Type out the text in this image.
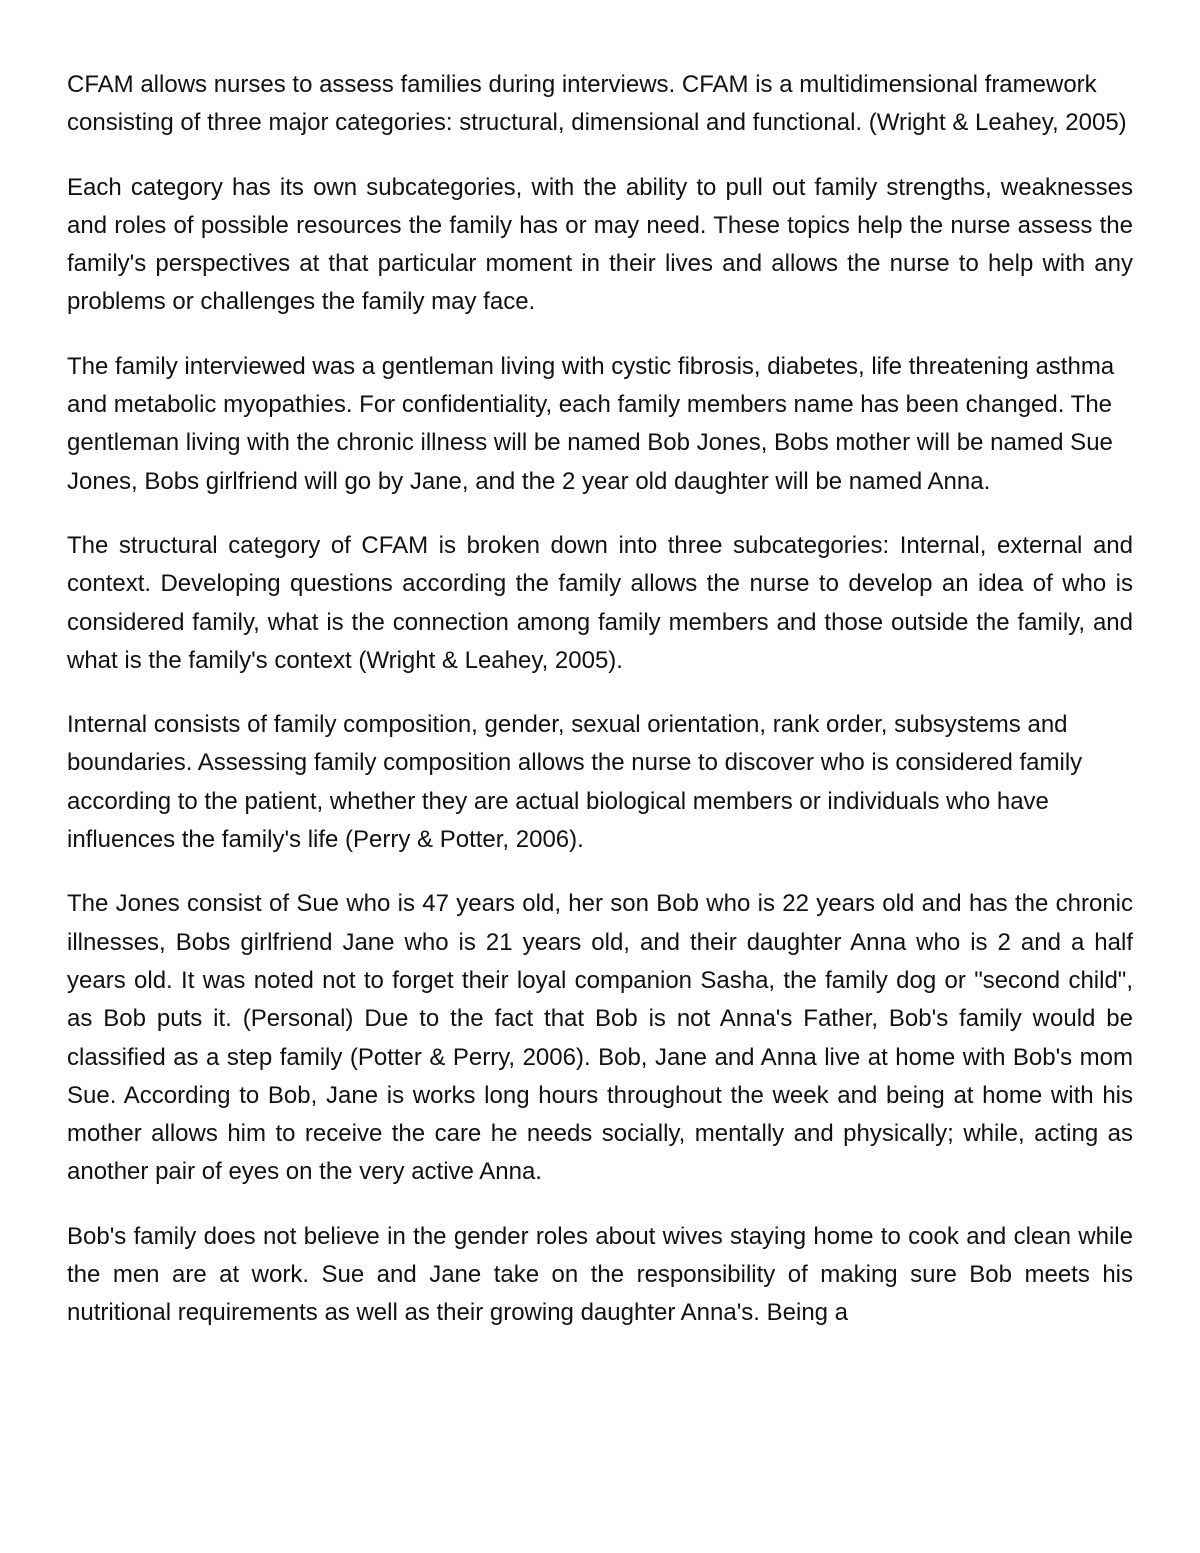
CFAM allows nurses to assess families during interviews. CFAM is a multidimensional framework consisting of three major categories: structural, dimensional and functional. (Wright & Leahey, 2005)

Each category has its own subcategories, with the ability to pull out family strengths, weaknesses and roles of possible resources the family has or may need. These topics help the nurse assess the family's perspectives at that particular moment in their lives and allows the nurse to help with any problems or challenges the family may face.

The family interviewed was a gentleman living with cystic fibrosis, diabetes, life threatening asthma and metabolic myopathies. For confidentiality, each family members name has been changed. The gentleman living with the chronic illness will be named Bob Jones, Bobs mother will be named Sue Jones, Bobs girlfriend will go by Jane, and the 2 year old daughter will be named Anna.

The structural category of CFAM is broken down into three subcategories: Internal, external and context. Developing questions according the family allows the nurse to develop an idea of who is considered family, what is the connection among family members and those outside the family, and what is the family's context (Wright & Leahey, 2005).

Internal consists of family composition, gender, sexual orientation, rank order, subsystems and boundaries. Assessing family composition allows the nurse to discover who is considered family according to the patient, whether they are actual biological members or individuals who have influences the family's life (Perry & Potter, 2006).

The Jones consist of Sue who is 47 years old, her son Bob who is 22 years old and has the chronic illnesses, Bobs girlfriend Jane who is 21 years old, and their daughter Anna who is 2 and a half years old. It was noted not to forget their loyal companion Sasha, the family dog or "second child", as Bob puts it. (Personal) Due to the fact that Bob is not Anna's Father, Bob's family would be classified as a step family (Potter & Perry, 2006). Bob, Jane and Anna live at home with Bob's mom Sue. According to Bob, Jane is works long hours throughout the week and being at home with his mother allows him to receive the care he needs socially, mentally and physically; while, acting as another pair of eyes on the very active Anna.

Bob's family does not believe in the gender roles about wives staying home to cook and clean while the men are at work. Sue and Jane take on the responsibility of making sure Bob meets his nutritional requirements as well as their growing daughter Anna's. Being a
